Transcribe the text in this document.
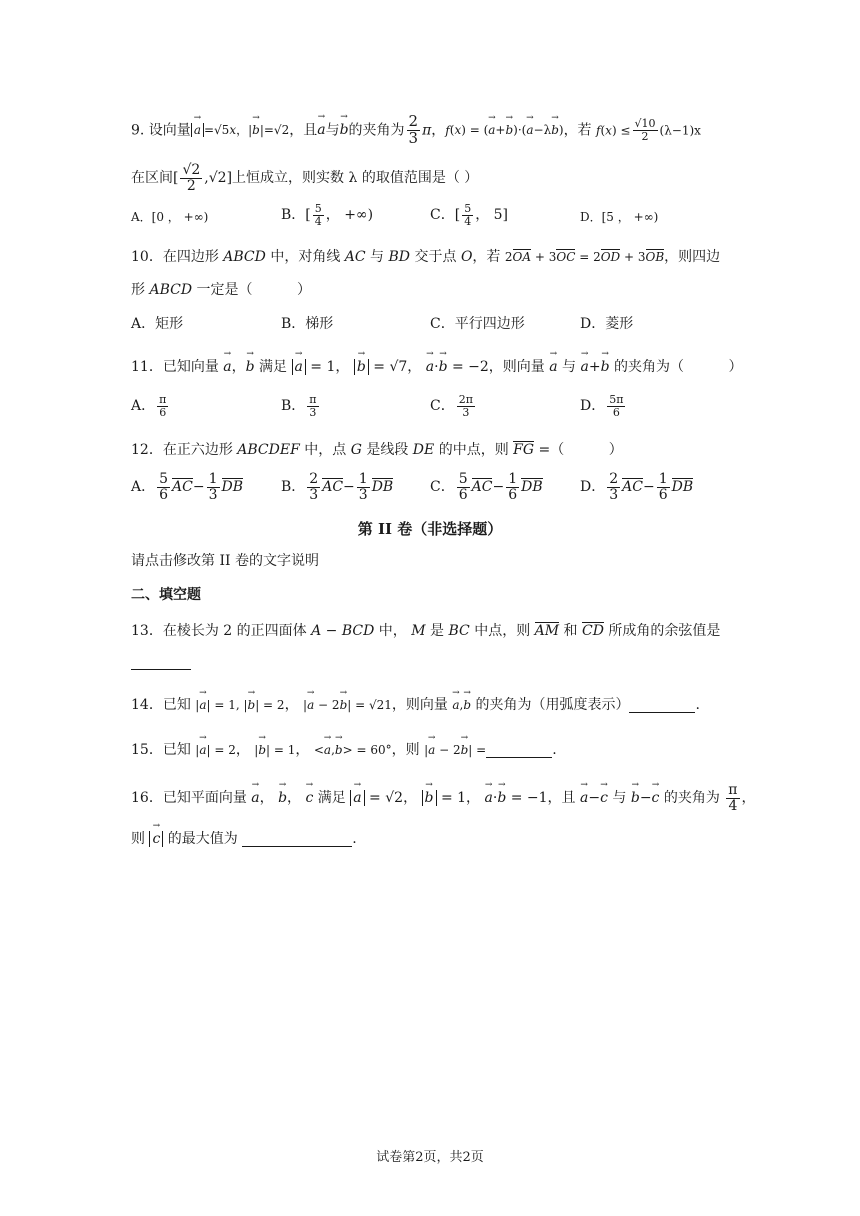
9. 设向量→ a =√5x，|→ b|=√2，且→ a与→ b的夹角为 $\frac{2}{3}$ π，f(x) = (→ a+→ b)·(→ a−λ→ b)，若 $f(x) \le \frac{√10}{2} (\lambda-1)x$
在区间[ $\frac{√2}{2} ,√2$]上恒成立，则实数 λ 的取值范围是（ ）
A．[0 ， +∞)	B．[ $\frac{5}{4}$ ， +∞)	C．[ $\frac{5}{4}$ ， 5]	D．[5 ， +∞)
10．在四边形 ABCD 中，对角线 AC 与 BD 交于点 O，若 2OA + 3OC = 2OD + 3OB，则四边
形 ABCD 一定是（          ）
A．矩形	B．梯形	C．平行四边形	D．菱形
11．已知向量 → a，→ b 满足 → a = 1， → b = √7， → a·→ b = −2，则向量 → a 与 → a+→ b 的夹角为（          ）
A． $\frac{\pi}{6}$	B． $\frac{\pi}{3}$	C． $\frac{2\pi}{3}$	D． $\frac{5\pi}{6}$
12．在正六边形 ABCDEF 中，点 G 是线段 DE 的中点，则 FG =（          ）
A． $\frac{5}{6} AC- \frac{1}{3}$ DB	B． $\frac{2}{3} AC- \frac{1}{3}$ DB	C． $\frac{5}{6} AC- \frac{1}{6}$ DB	D． $\frac{2}{3} AC- \frac{1}{6}$ DB
第 II 卷（非选择题）
请点击修改第 II 卷的文字说明
二、填空题
13．在棱长为 2 的正四面体 A − BCD 中， M 是 BC 中点，则 AM 和 CD 所成角的余弦值是

14．已知 |→ a| = 1, |→ b| = 2， |→ a − 2→ b| = √21，则向量 → a,→ b 的夹角为（用弧度表示）	.
15．已知 |→ a| = 2， |→ b| = 1， <→ a,→ b> = 60°，则 |→ a − 2→ b| =	.
16．已知平面向量 → a， → b， → c 满足 → a = √2， → b = 1， → a·→ b = −1，且 → a−→ c 与 → b−→ c 的夹角为 $\frac{\pi}{4}$ ，
则 → c 的最大值为	.
试卷第2页，共2页
